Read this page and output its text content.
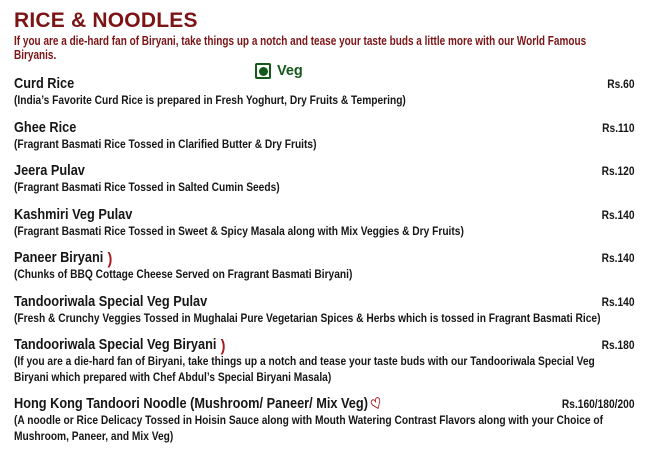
RICE & NOODLES

If you are a die-hard fan of Biryani, take things up a notch and tease your taste buds a little more with our World Famous Biryanis.

Veg
Curd Rice	Rs.60
(India’s Favorite Curd Rice is prepared in Fresh Yoghurt, Dry Fruits & Tempering)
Ghee Rice	Rs.110
(Fragrant Basmati Rice Tossed in Clarified Butter & Dry Fruits)
Jeera Pulav	Rs.120
(Fragrant Basmati Rice Tossed in Salted Cumin Seeds)
Kashmiri Veg Pulav	Rs.140
(Fragrant Basmati Rice Tossed in Sweet & Spicy Masala along with Mix Veggies & Dry Fruits)
Paneer Biryani )	Rs.140
(Chunks of BBQ Cottage Cheese Served on Fragrant Basmati Biryani)
Tandooriwala Special Veg Pulav	Rs.140
(Fresh & Crunchy Veggies Tossed in Mughalai Pure Vegetarian Spices & Herbs which is tossed in Fragrant Basmati Rice)
Tandooriwala Special Veg Biryani )	Rs.180
(If you are a die-hard fan of Biryani, take things up a notch and tease your taste buds with our Tandooriwala Special Veg Biryani which prepared with Chef Abdul’s Special Biryani Masala)
Hong Kong Tandoori Noodle (Mushroom/ Paneer/ Mix Veg) ♡	Rs.160/180/200
(A noodle or Rice Delicacy Tossed in Hoisin Sauce along with Mouth Watering Contrast Flavors along with your Choice of Mushroom, Paneer, and Mix Veg)
